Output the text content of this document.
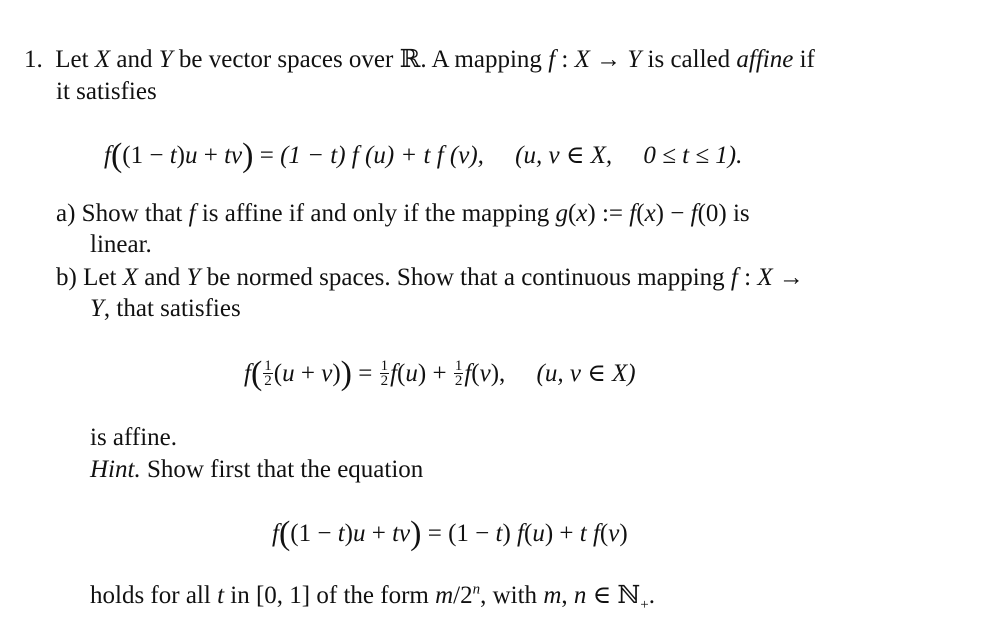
1. Let X and Y be vector spaces over ℝ. A mapping f : X → Y is called affine if
it satisfies
f((1 − t)u + tv) = (1 − t) f (u) + t f (v), (u, v ∈ X, 0 ≤ t ≤ 1).
a) Show that f is affine if and only if the mapping g(x) := f(x) − f(0) is
linear.
b) Let X and Y be normed spaces. Show that a continuous mapping f : X →
Y, that satisfies
$f( \frac{1}{2} (u + v)) = \frac{1}{2} f(u) + \frac{1}{2} f(v)$,     (u, v ∈ X)
is affine.
Hint. Show first that the equation
f((1 − t)u + tv) = (1 − t) f(u) + t f(v)
holds for all t in [0, 1] of the form m/2$^n$, with m, n ∈ ℕ$_+$.
